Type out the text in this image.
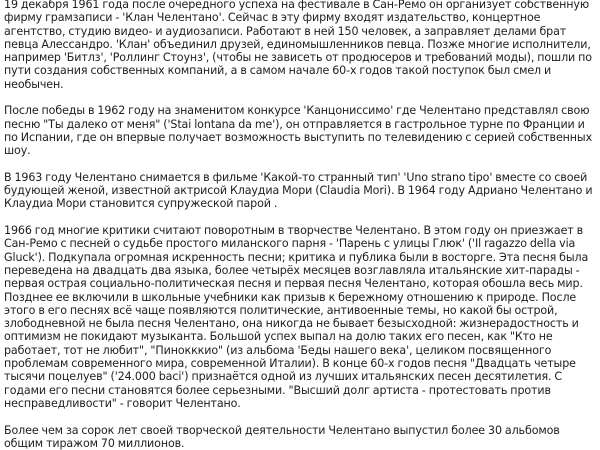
19 декабря 1961 года после очередного успеха на фестивале в Сан-Ремо он организует собственную фирму грамзаписи - 'Клан Челентано'. Сейчас в эту фирму входят издательство, концертное агентство, студию видео- и аудиозаписи. Работают в ней 150 человек, а заправляет делами брат певца Алессандро. 'Клан' объединил друзей, единомышленников певца. Позже многие исполнители, например 'Битлз', 'Роллинг Стоунз', (чтобы не зависеть от продюсеров и требований моды), пошли по пути создания собственных компаний, а в самом начале 60-х годов такой поступок был смел и необычен.

После победы в 1962 году на знаменитом конкурсе 'Канцониссимо' где Челентано представлял свою песню "Ты далеко от меня" ('Stai lontana da me'), он отправляется в гастрольное турне по Франции и по Испании, где он впервые получает возможность выступить по телевидению с серией собственных шоу.

В 1963 году Челентано снимается в фильме 'Какой-то странный тип' 'Uno strano tipo' вместе со своей будующей женой, известной актрисой Клаудиа Мори (Claudia Mori). В 1964 году Адриано Челентано и Клаудиа Мори становится супружеской парой .

1966 год многие критики считают поворотным в творчестве Челентано. В этом году он приезжает в Сан-Ремо с песней о судьбе простого миланского парня - 'Парень с улицы Глюк' ('Il ragazzo della via Gluck'). Подкупала огромная искренность песни; критика и публика были в восторге. Эта песня была переведена на двадцать два языка, более четырёх месяцев возглавляла итальянские хит-парады - первая острая социально-политическая песня и первая песня Челентано, которая обошла весь мир. Позднее ее включили в школьные учебники как призыв к бережному отношению к природе. После этого в его песнях всё чаще появляются политические, антивоенные темы, но какой бы острой, злободневной не была песня Челентано, она никогда не бывает безысходной: жизнерадостность и оптимизм не покидают музыканта. Большой успех выпал на долю таких его песен, как "Кто не работает, тот не любит", "Пинокккио" (из альбома 'Беды нашего века', целиком посвященного проблемам современного мира, современной Италии). В конце 60-х годов песня "Двадцать четыре тысячи поцелуев" ('24.000 baci') признаётся одной из лучших итальянских песен десятилетия. С годами его песни становятся более серьезными. "Высший долг артиста - протестовать против несправедливости" - говорит Челентано.

Более чем за сорок лет своей творческой деятельности Челентано выпустил более 30 альбомов общим тиражом 70 миллионов.
